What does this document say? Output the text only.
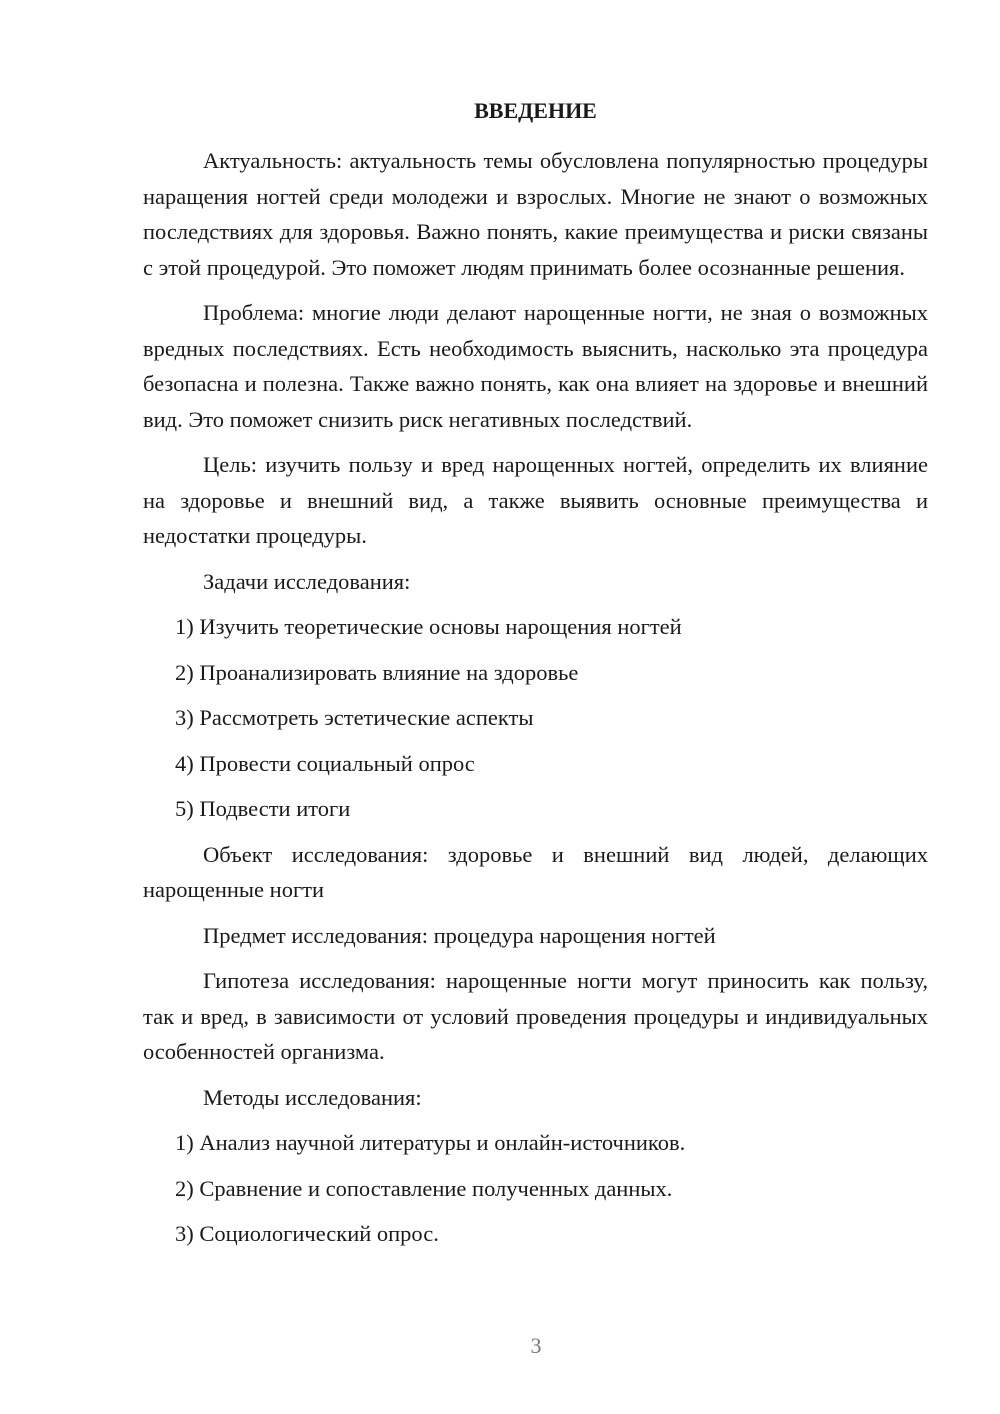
ВВЕДЕНИЕ

Актуальность: актуальность темы обусловлена популярностью процедуры наращения ногтей среди молодежи и взрослых. Многие не знают о возможных последствиях для здоровья. Важно понять, какие преимущества и риски связаны с этой процедурой. Это поможет людям принимать более осознанные решения.

Проблема: многие люди делают нарощенные ногти, не зная о возможных вредных последствиях. Есть необходимость выяснить, насколько эта процедура безопасна и полезна. Также важно понять, как она влияет на здоровье и внешний вид. Это поможет снизить риск негативных последствий.

Цель: изучить пользу и вред нарощенных ногтей, определить их влияние на здоровье и внешний вид, а также выявить основные преимущества и недостатки процедуры.

Задачи исследования:

1) Изучить теоретические основы нарощения ногтей

2) Проанализировать влияние на здоровье

3) Рассмотреть эстетические аспекты

4) Провести социальный опрос

5) Подвести итоги

Объект исследования: здоровье и внешний вид людей, делающих нарощенные ногти

Предмет исследования: процедура нарощения ногтей

Гипотеза исследования: нарощенные ногти могут приносить как пользу, так и вред, в зависимости от условий проведения процедуры и индивидуальных особенностей организма.

Методы исследования:

1) Анализ научной литературы и онлайн-источников.

2) Сравнение и сопоставление полученных данных.

3) Социологический опрос.

3
